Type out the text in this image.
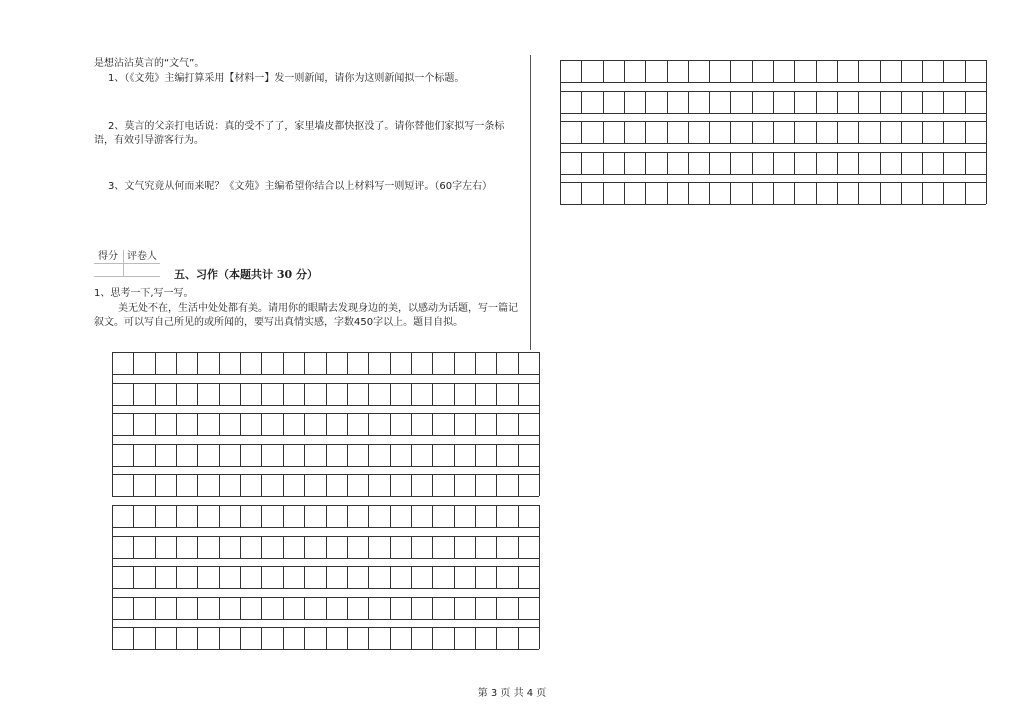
是想沾沾莫言的“文气”。
1、（《文苑》主编打算采用【材料一】发一则新闻，请你为这则新闻拟一个标题。
2、莫言的父亲打电话说：真的受不了了，家里墙皮都快抠没了。请你替他们家拟写一条标语，有效引导游客行为。
3、文气究竟从何而来呢？《文苑》主编希望你结合以上材料写一则短评。（60字左右）
得分 评卷人
五、习作（本题共计 30 分）
1、思考一下,写一写。
美无处不在，生活中处处都有美。请用你的眼睛去发现身边的美，以感动为话题，写一篇记叙文。可以写自己所见的或所闻的，要写出真情实感，字数450字以上。题目自拟。
第 3 页 共 4 页
